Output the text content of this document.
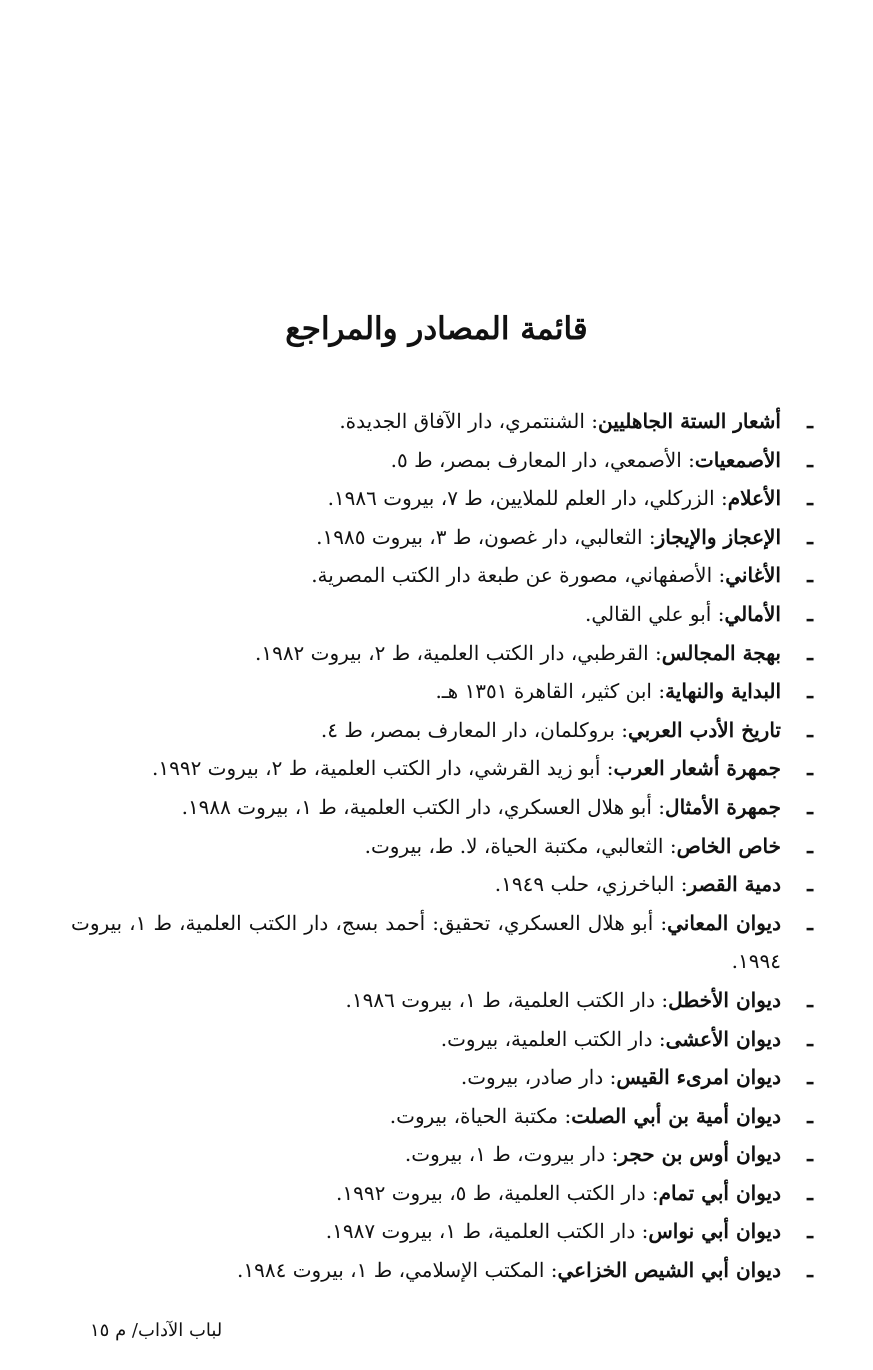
قائمة المصادر والمراجع
ـ
أشعار الستة الجاهليين: الشنتمري، دار الآفاق الجديدة.
ـ
الأصمعيات: الأصمعي، دار المعارف بمصر، ط ٥.
ـ
الأعلام: الزركلي، دار العلم للملايين، ط ٧، بيروت ١٩٨٦.
ـ
الإعجاز والإيجاز: الثعالبي، دار غصون، ط ٣، بيروت ١٩٨٥.
ـ
الأغاني: الأصفهاني، مصورة عن طبعة دار الكتب المصرية.
ـ
الأمالي: أبو علي القالي.
ـ
بهجة المجالس: القرطبي، دار الكتب العلمية، ط ٢، بيروت ١٩٨٢.
ـ
البداية والنهاية: ابن كثير، القاهرة ١٣٥١ هـ.
ـ
تاريخ الأدب العربي: بروكلمان، دار المعارف بمصر، ط ٤.
ـ
جمهرة أشعار العرب: أبو زيد القرشي، دار الكتب العلمية، ط ٢، بيروت ١٩٩٢.
ـ
جمهرة الأمثال: أبو هلال العسكري، دار الكتب العلمية، ط ١، بيروت ١٩٨٨.
ـ
خاص الخاص: الثعالبي، مكتبة الحياة، لا. ط، بيروت.
ـ
دمية القصر: الباخرزي، حلب ١٩٤٩.
ـ
ديوان المعاني: أبو هلال العسكري، تحقيق: أحمد بسج، دار الكتب العلمية، ط ١، بيروت ١٩٩٤.
ـ
ديوان الأخطل: دار الكتب العلمية، ط ١، بيروت ١٩٨٦.
ـ
ديوان الأعشى: دار الكتب العلمية، بيروت.
ـ
ديوان امرىء القيس: دار صادر، بيروت.
ـ
ديوان أمية بن أبي الصلت: مكتبة الحياة، بيروت.
ـ
ديوان أوس بن حجر: دار بيروت، ط ١، بيروت.
ـ
ديوان أبي تمام: دار الكتب العلمية، ط ٥، بيروت ١٩٩٢.
ـ
ديوان أبي نواس: دار الكتب العلمية، ط ١، بيروت ١٩٨٧.
ـ
ديوان أبي الشيص الخزاعي: المكتب الإسلامي، ط ١، بيروت ١٩٨٤.
لباب الآداب/ م ١٥
